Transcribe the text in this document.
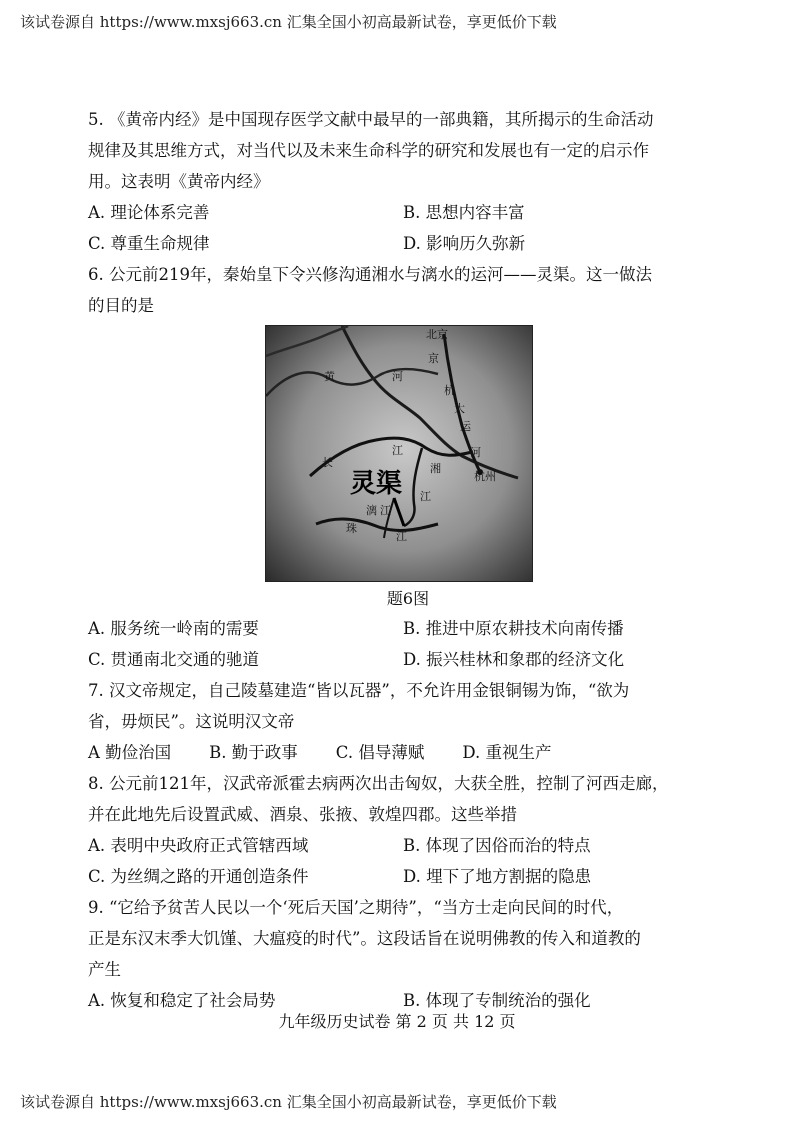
该试卷源自 https://www.mxsj663.cn 汇集全国小初高最新试卷，享更低价下载
5. 《黄帝内经》是中国现存医学文献中最早的一部典籍，其所揭示的生命活动
规律及其思维方式，对当代以及未来生命科学的研究和发展也有一定的启示作
用。这表明《黄帝内经》
A. 理论体系完善	B. 思想内容丰富
C. 尊重生命规律	D. 影响历久弥新
6. 公元前219年，秦始皇下令兴修沟通湘水与漓水的运河——灵渠。这一做法
的目的是
北京
黄	河
京
杭
大
运
河
杭州
长
江
湘
江
灵渠
漓 江
珠
江
题6图
A. 服务统一岭南的需要	B. 推进中原农耕技术向南传播
C. 贯通南北交通的驰道	D. 振兴桂林和象郡的经济文化
7. 汉文帝规定，自己陵墓建造“皆以瓦器”，不允许用金银铜锡为饰，“欲为
省，毋烦民”。这说明汉文帝
A 勤俭治国 B. 勤于政事 C. 倡导薄赋 D. 重视生产
8. 公元前121年，汉武帝派霍去病两次出击匈奴，大获全胜，控制了河西走廊，
并在此地先后设置武威、酒泉、张掖、敦煌四郡。这些举措
A. 表明中央政府正式管辖西域	B. 体现了因俗而治的特点
C. 为丝绸之路的开通创造条件	D. 埋下了地方割据的隐患
9. “它给予贫苦人民以一个‘死后天国’之期待”，“当方士走向民间的时代，
正是东汉末季大饥馑、大瘟疫的时代”。这段话旨在说明佛教的传入和道教的
产生
A. 恢复和稳定了社会局势	B. 体现了专制统治的强化
九年级历史试卷 第 2 页 共 12 页
该试卷源自 https://www.mxsj663.cn 汇集全国小初高最新试卷，享更低价下载
